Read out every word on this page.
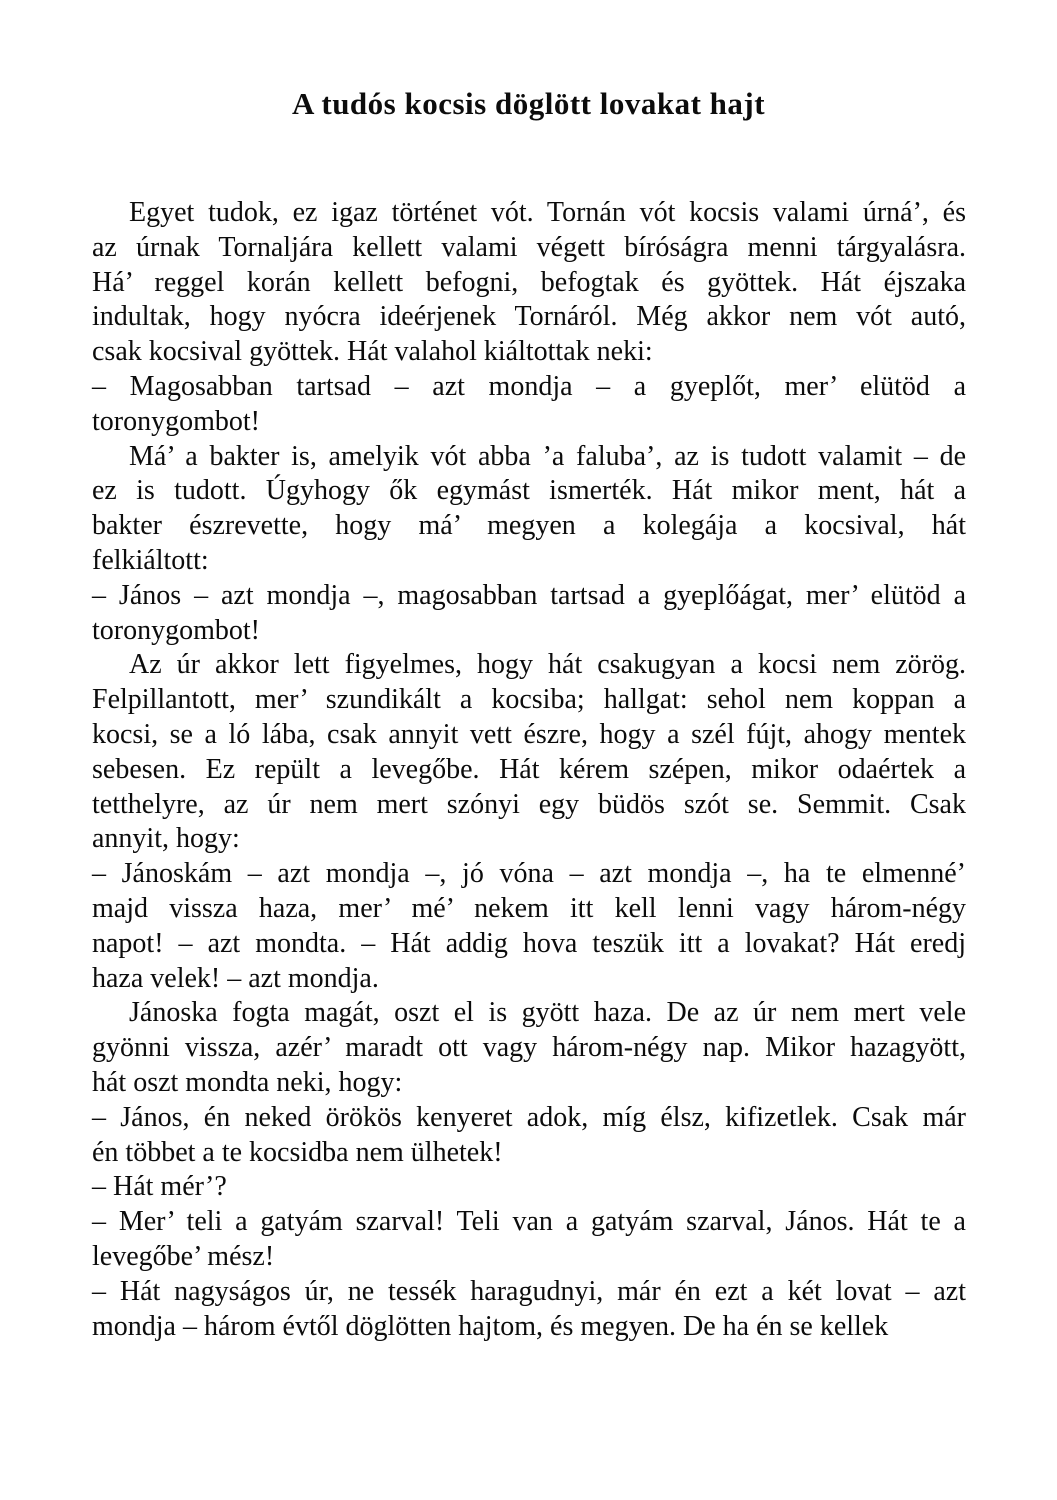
A tudós kocsis döglött lovakat hajt

Egyet tudok, ez igaz történet vót. Tornán vót kocsis valami úrná’, és
az úrnak Tornaljára kellett valami végett bíróságra menni tárgyalásra.
Há’ reggel korán kellett befogni, befogtak és gyöttek. Hát éjszaka
indultak, hogy nyócra ideérjenek Tornáról. Még akkor nem vót autó,
csak kocsival gyöttek. Hát valahol kiáltottak neki:

– Magosabban tartsad – azt mondja – a gyeplőt, mer’ elütöd a
toronygombot!

Má’ a bakter is, amelyik vót abba ’a faluba’, az is tudott valamit – de
ez is tudott. Úgyhogy ők egymást ismerték. Hát mikor ment, hát a
bakter észrevette, hogy má’ megyen a kolegája a kocsival, hát
felkiáltott:

– János – azt mondja –, magosabban tartsad a gyeplőágat, mer’ elütöd a
toronygombot!

Az úr akkor lett figyelmes, hogy hát csakugyan a kocsi nem zörög.
Felpillantott, mer’ szundikált a kocsiba; hallgat: sehol nem koppan a
kocsi, se a ló lába, csak annyit vett észre, hogy a szél fújt, ahogy mentek
sebesen. Ez repült a levegőbe. Hát kérem szépen, mikor odaértek a
tetthelyre, az úr nem mert szónyi egy büdös szót se. Semmit. Csak
annyit, hogy:

– Jánoskám – azt mondja –, jó vóna – azt mondja –, ha te elmenné’
majd vissza haza, mer’ mé’ nekem itt kell lenni vagy három-négy
napot! – azt mondta. – Hát addig hova teszük itt a lovakat? Hát eredj
haza velek! – azt mondja.

Jánoska fogta magát, oszt el is gyött haza. De az úr nem mert vele
gyönni vissza, azér’ maradt ott vagy három-négy nap. Mikor hazagyött,
hát oszt mondta neki, hogy:

– János, én neked örökös kenyeret adok, míg élsz, kifizetlek. Csak már
én többet a te kocsidba nem ülhetek!

– Hát mér’?

– Mer’ teli a gatyám szarval! Teli van a gatyám szarval, János. Hát te a
levegőbe’ mész!

– Hát nagyságos úr, ne tessék haragudnyi, már én ezt a két lovat – azt
mondja – három évtől döglötten hajtom, és megyen. De ha én se kellek
